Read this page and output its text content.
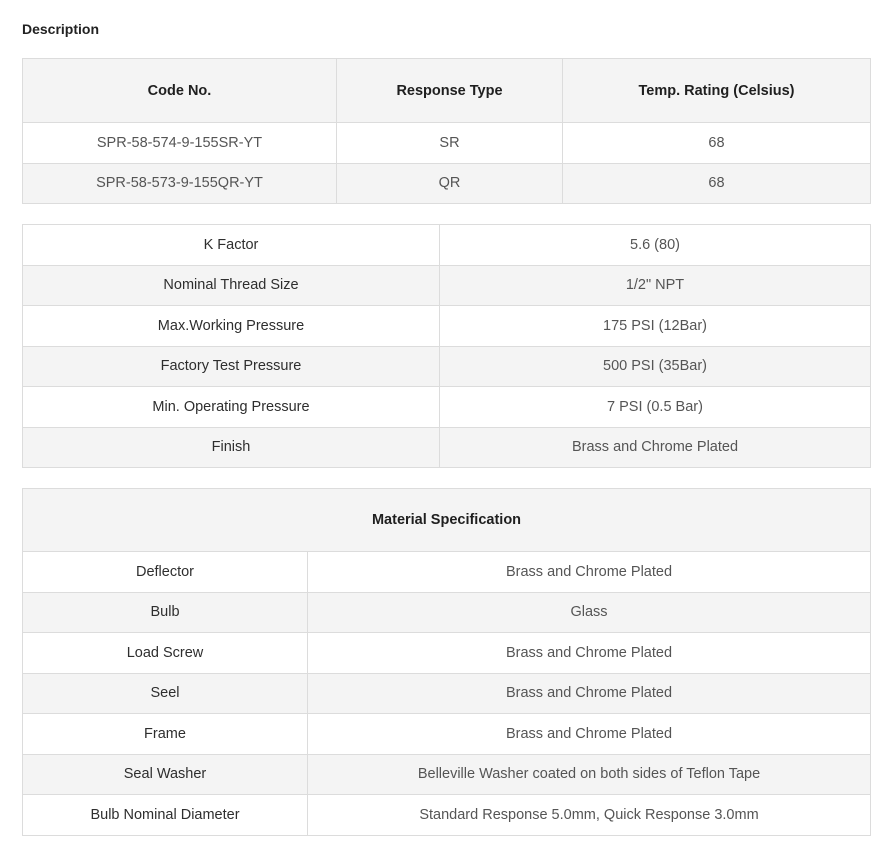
Description
Code No.	Response Type	Temp. Rating (Celsius)
SPR-58-574-9-155SR-YT	SR	68
SPR-58-573-9-155QR-YT	QR	68
K Factor	5.6 (80)
Nominal Thread Size	1/2" NPT
Max.Working Pressure	175 PSI (12Bar)
Factory Test Pressure	500 PSI (35Bar)
Min. Operating Pressure	7 PSI (0.5 Bar)
Finish	Brass and Chrome Plated
Material Specification	
Deflector	Brass and Chrome Plated
Bulb	Glass
Load Screw	Brass and Chrome Plated
Seel	Brass and Chrome Plated
Frame	Brass and Chrome Plated
Seal Washer	Belleville Washer coated on both sides of Teflon Tape
Bulb Nominal Diameter	Standard Response 5.0mm, Quick Response 3.0mm
